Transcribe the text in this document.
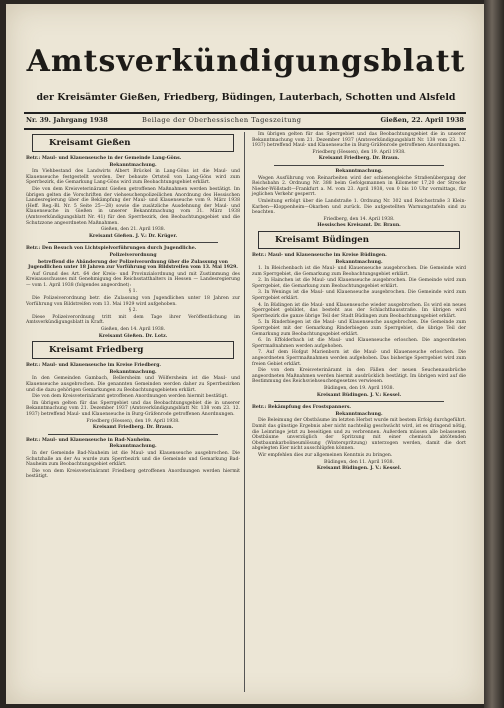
Amtsverkündigungsblatt
der Kreisämter Gießen, Friedberg, Büdingen, Lauterbach, Schotten und Alsfeld
Nr. 39. Jahrgang 1938	Beilage der Oberhessischen Tageszeitung	Gießen, 22. April 1938
Kreisamt Gießen
Betr.: Maul- und Klauenseuche in der Gemeinde Lang-Göns.
Bekanntmachung.

Im Viehbestand des Landwirts Albert Brückel in Lang-Göns ist die Maul- und Klauenseuche festgestellt worden. Der bebaute Ortsteil von Lang-Göns wird zum Sperrbezirk, die Gemarkung Lang-Göns wird zum Beobachtungsgebiet erklärt.

Die von dem Kreisveterinäramt Gießen getroffenen Maßnahmen werden bestätigt. Im übrigen gelten die Vorschriften der viehseuchenpolizeilichen Anordnung des Hessischen Landesregierung über die Bekämpfung der Maul- und Klauenseuche vom 9. März 1938 (Heff. Reg.-Bl. Nr. 5 Seite 25—28) sowie die zusätzliche Ausdehnung der Maul- und Klauenseuche in Gießen in unserer Bekanntmachung vom 31. März 1938 (Amtsverkündigungsblatt Nr. 41) für den Sperrbezirk, den Beobachtungsgebiet und die Schutzzone angeordneten Maßnahmen.

Gießen, den 21. April 1938.
Kreisamt Gießen. J. V.: Dr. Krüger.
Betr.: Den Besuch von Lichtspielvorführungen durch Jugendliche.
Polizeiverordnung
betreffend die Abänderung der Polizeiverordnung über die Zulassung von Jugendlichen unter 18 Jahren zur Vorführung von Bildstreifen vom 13. Mai 1929.

Auf Grund des Art. 64 der Kreis- und Provinzialordnung und mit Zustimmung des Kreisausschusses mit Genehmigung des Reichsstatthalters in Hessen — Landesregierung — vom 1. April 1938 (folgendes angeordnet):

§ 1.

Die Polizeiverordnung betr. die Zulassung von Jugendlichen unter 18 Jahren zur Vorführung von Bildstreifen vom 13. Mai 1929 wird aufgehoben.

§ 2.

Diese Polizeiverordnung tritt mit dem Tage ihrer Veröffentlichung im Amtsverkündigungsblatt in Kraft.

Gießen, den 14. April 1938.
Kreisamt Gießen. Dr. Lotz.
Kreisamt Friedberg
Betr.: Maul- und Klauenseuche im Kreise Friedberg.
Bekanntmachung.

In den Gemeinden Gambach, Bellersheim und Wölfersheim ist die Maul- und Klauenseuche ausgebrochen. Die genannten Gemeinden werden daher zu Sperrbezirken und die dazu gehörigen Gemarkungen zu Beobachtungsgebieten erklärt.

Die von dem Kreisveterinäramt getroffenen Anordnungen werden hiermit bestätigt.

Im übrigen gelten für das Sperrgebiet und das Beobachtungsgebiet die in unserer Bekanntmachung vom 21. Dezember 1937 (Amtsverkündigungsblatt Nr. 138 vom 23. 12. 1937) betreffend Maul- und Klauenseuche in Burg-Gräfenrode getroffenen Anordnungen.

Friedberg (Hessen), den 19. April 1938.
Kreisamt Friedberg. Dr. Braun.
Betr.: Maul- und Klauenseuche in Bad-Nauheim.
Bekanntmachung.

In der Gemeinde Bad-Nauheim ist die Maul- und Klauenseuche ausgebrochen. Die Schutzhalle an der Au wurde zum Sperrbezirk und die Gemeinde und Gemarkung Bad-Nauheim zum Beobachtungsgebiet erklärt.

Die von dem Kreisveterinäramt Friedberg getroffenen Anordnungen werden hiermit bestätigt.

Im übrigen gelten für das Sperrgebiet und das Beobachtungsgebiet die in unserer Bekanntmachung vom 21. Dezember 1937 (Amtsverkündigungsblatt Nr. 138 vom 23. 12. 1937) betreffend Maul- und Klauenseuche in Burg-Gräfenrode getroffenen Anordnungen.

Friedberg (Hessen), den 19. April 1938.
Kreisamt Friedberg. Dr. Braun.
Bekanntmachung.

Wegen Ausführung von Reinarbeiten wird der schienengleiche Straßenübergang der Reichsbahn 2. Ordnung Nr. 388 beim Gefolgsmannen in Kilometer 17,20 der Strecke Nieder-Wöllstadt—Frankfurt a. M. vom 23. April 1938, von 0 bis 10 Uhr vormittags, für jeglichen Verkehr gesperrt.

Umleitung erfolgt über die Landstraße 1. Ordnung Nr. 302 und Reichsstraße 3 Klein-Karben—Kloppenheim—Okarben und zurück. Die aufgestellten Warnungstafeln sind zu beachten.

Friedberg, den 14. April 1938.
Hessisches Kreisamt. Dr. Braun.
Kreisamt Büdingen
Betr.: Maul- und Klauenseuche im Kreise Büdingen.
Bekanntmachung.

1. In Bleichenbach ist die Maul- und Klauenseuche ausgebrochen. Die Gemeinde wird zum Sperrgebiet, die Gemarkung zum Beobachtungsgebiet erklärt.

2. In Hainchen ist die Maul- und Klauenseuche ausgebrochen. Die Gemeinde wird zum Sperrgebiet, die Gemarkung zum Beobachtungsgebiet erklärt.

3. In Wenings ist die Maul- und Klauenseuche ausgebrochen. Die Gemeinde wird zum Sperrgebiet erklärt.

4. In Büdingen ist die Maul- und Klauenseuche wieder ausgebrochen. Es wird ein neues Sperrgebiet gebildet, das besteht aus der Schlachthausstraße. Im übrigen wird Sperrbezirk die ganze übrige Teil der Stadt Büdingen zum Beobachtungsgebiet erklärt.

5. In Rinderbiegen ist die Maul- und Klauenseuche ausgebrochen. Die Gemeinde zum Sperrgebiet mit der Gemarkung Rinderbiegen zum Sperrgebiet, die übrige Teil der Gemarkung zum Beobachtungsgebiet erklärt.

6. In Effolderbach ist die Maul- und Klauenseuche erloschen. Die angeordneten Sperrmaßnahmen werden aufgehoben.

7. Auf dem Hofgut Marienborn ist die Maul- und Klauenseuche erloschen. Die angeordneten Sperrmaßnahmen werden aufgehoben. Das bisherige Sperrgebiet wird zum freien Gebiet erklärt.

Die von dem Kreisveterinäramt in den Fällen der neuen Seuchenausbrüche angeordneten Maßnahmen werden hiermit ausdrücklich bestätigt. Im übrigen wird auf die Bestimmung des Reichsviehseuchengesetzes verwiesen.

Büdingen, den 19. April 1938.
Kreisamt Büdingen. J. V.: Kessel.
Betr.: Bekämpfung des Frostspanners.
Bekanntmachung.

Die Beleimung der Obstbäume im letzten Herbst wurde mit bestem Erfolg durchgeführt. Damit das günstige Ergebnis aber nicht nachteilig geschwächt wird, ist es dringend nötig, die Leimringe jetzt zu beseitigen und zu verbrennen. Außerdem müssen alle belassenen Obstbäume unverzüglich der Spritzung mit einer chemisch abtötenden Obstbaumkarbolineumlösung (Winterspritzung) unterzogen werden, damit die dort abgelegten Eier nicht ausschlüpfen können.

Wir empfehlen dies zur allgemeinen Kenntnis zu bringen.

Büdingen, den 11. April 1938.
Kreisamt Büdingen. J. V.: Kessel.
